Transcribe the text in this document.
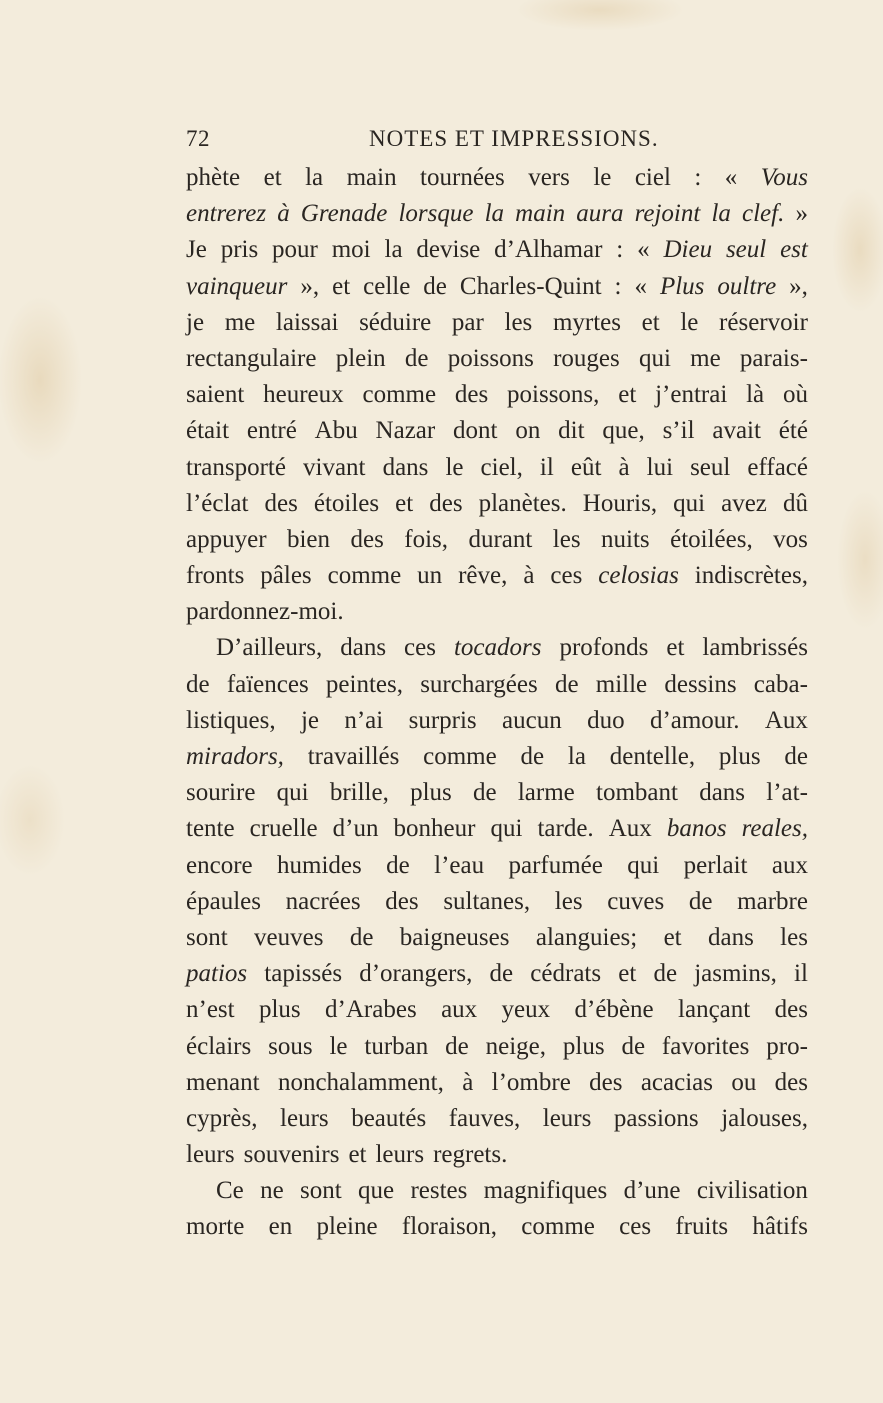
72	NOTES ET IMPRESSIONS.
phète et la main tournées vers le ciel : « Vous
entrerez à Grenade lorsque la main aura rejoint la clef. »
Je pris pour moi la devise d’Alhamar : « Dieu seul est
vainqueur », et celle de Charles-Quint : « Plus oultre »,
je me laissai séduire par les myrtes et le réservoir
rectangulaire plein de poissons rouges qui me parais-
saient heureux comme des poissons, et j’entrai là où
était entré Abu Nazar dont on dit que, s’il avait été
transporté vivant dans le ciel, il eût à lui seul effacé
l’éclat des étoiles et des planètes. Houris, qui avez dû
appuyer bien des fois, durant les nuits étoilées, vos
fronts pâles comme un rêve, à ces celosias indiscrètes,
pardonnez-moi.
D’ailleurs, dans ces tocadors profonds et lambrissés
de faïences peintes, surchargées de mille dessins caba-
listiques, je n’ai surpris aucun duo d’amour. Aux
miradors, travaillés comme de la dentelle, plus de
sourire qui brille, plus de larme tombant dans l’at-
tente cruelle d’un bonheur qui tarde. Aux banos reales,
encore humides de l’eau parfumée qui perlait aux
épaules nacrées des sultanes, les cuves de marbre
sont veuves de baigneuses alanguies; et dans les
patios tapissés d’orangers, de cédrats et de jasmins, il
n’est plus d’Arabes aux yeux d’ébène lançant des
éclairs sous le turban de neige, plus de favorites pro-
menant nonchalamment, à l’ombre des acacias ou des
cyprès, leurs beautés fauves, leurs passions jalouses,
leurs souvenirs et leurs regrets.
Ce ne sont que restes magnifiques d’une civilisation
morte en pleine floraison, comme ces fruits hâtifs
